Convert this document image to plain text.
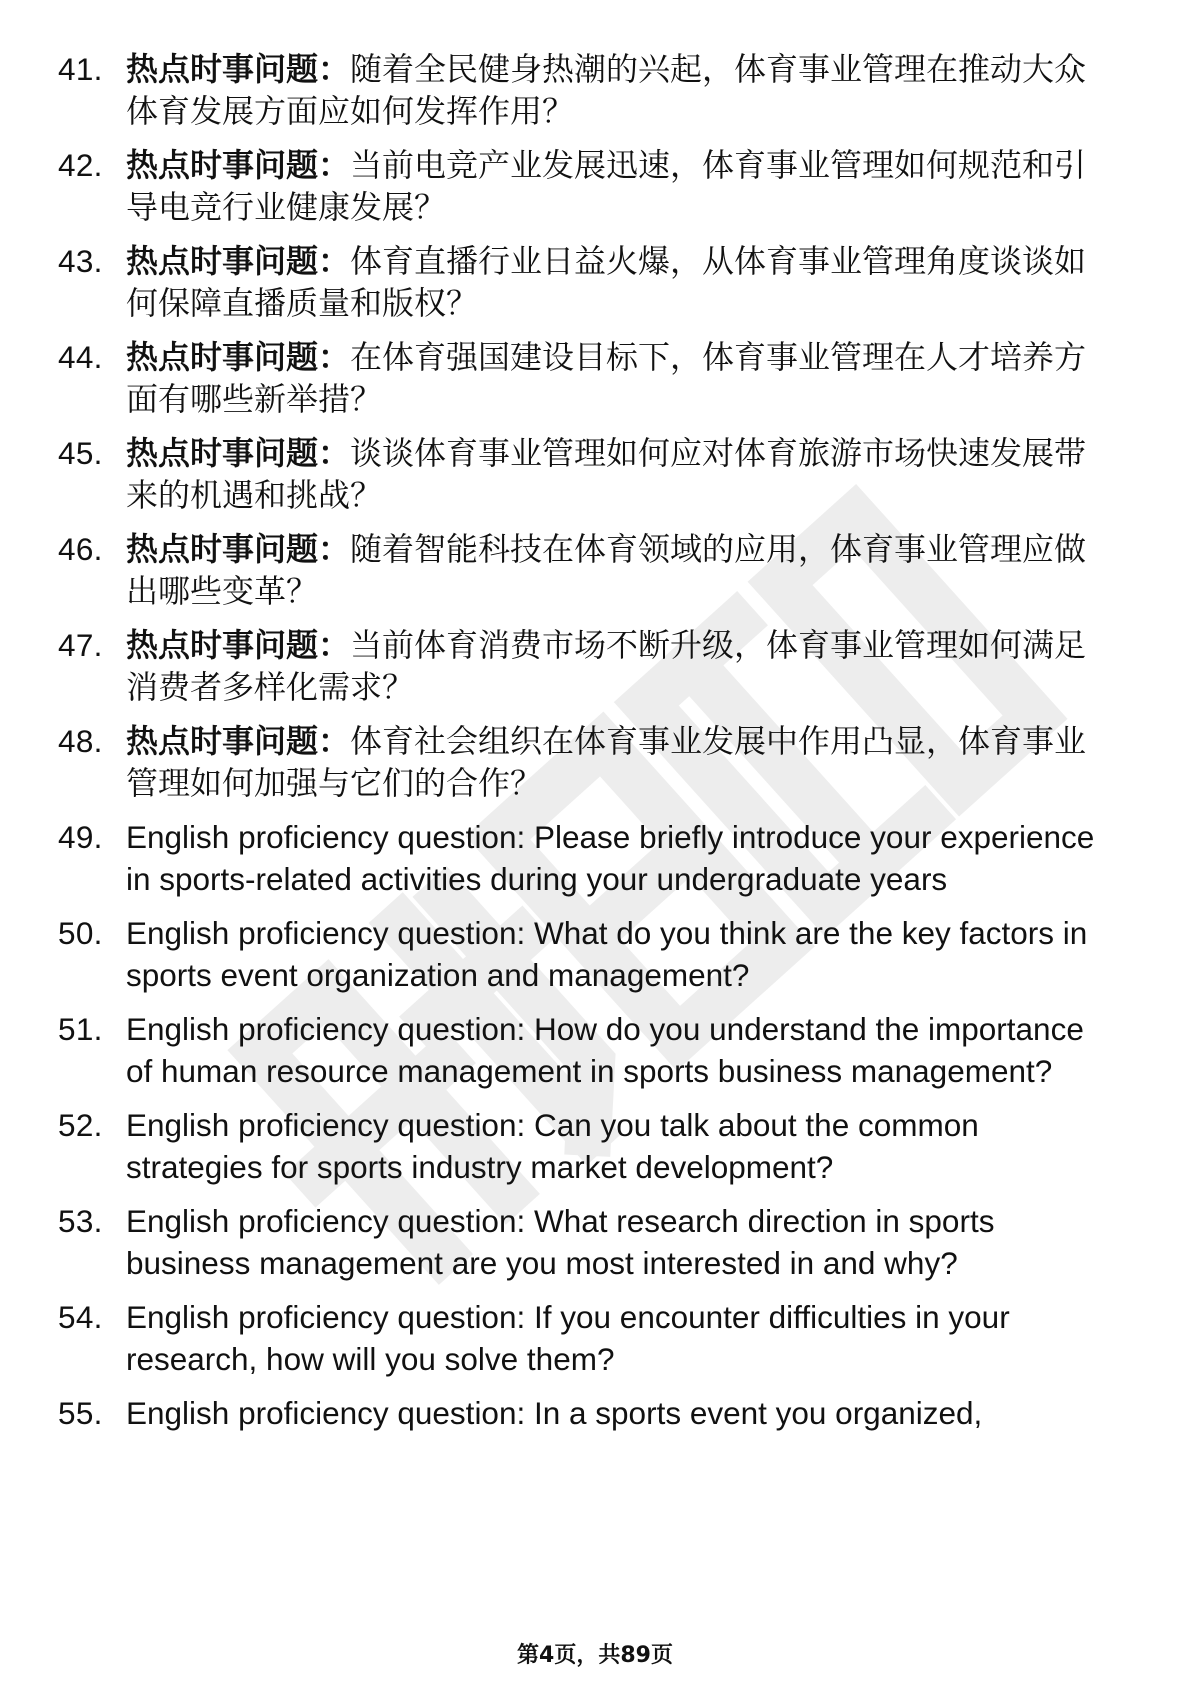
41. 热点时事问题：随着全民健身热潮的兴起，体育事业管理在推动大众体育发展方面应如何发挥作用？
42. 热点时事问题：当前电竞产业发展迅速，体育事业管理如何规范和引导电竞行业健康发展？
43. 热点时事问题：体育直播行业日益火爆，从体育事业管理角度谈谈如何保障直播质量和版权？
44. 热点时事问题：在体育强国建设目标下，体育事业管理在人才培养方面有哪些新举措？
45. 热点时事问题：谈谈体育事业管理如何应对体育旅游市场快速发展带来的机遇和挑战？
46. 热点时事问题：随着智能科技在体育领域的应用，体育事业管理应做出哪些变革？
47. 热点时事问题：当前体育消费市场不断升级，体育事业管理如何满足消费者多样化需求？
48. 热点时事问题：体育社会组织在体育事业发展中作用凸显，体育事业管理如何加强与它们的合作？
49. English proficiency question: Please briefly introduce your experience in sports-related activities during your undergraduate years
50. English proficiency question: What do you think are the key factors in sports event organization and management?
51. English proficiency question: How do you understand the importance of human resource management in sports business management?
52. English proficiency question: Can you talk about the common strategies for sports industry market development?
53. English proficiency question: What research direction in sports business management are you most interested in and why?
54. English proficiency question: If you encounter difficulties in your research, how will you solve them?
55. English proficiency question: In a sports event you organized,
第4页，共89页
